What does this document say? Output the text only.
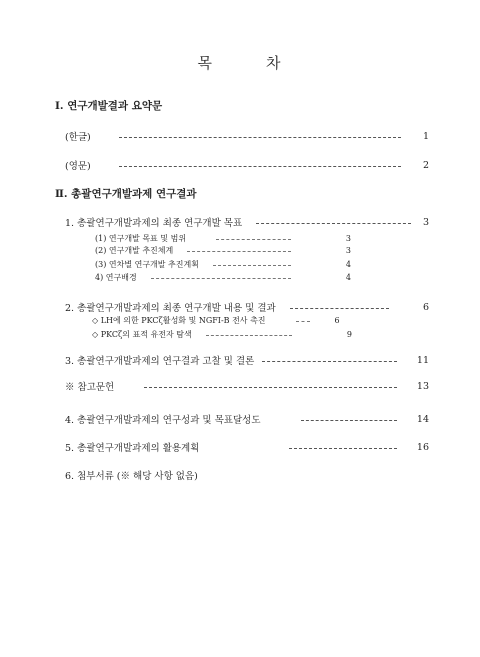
목	차
Ⅰ. 연구개발결과 요약문
(한글)	1
(영문)	2
Ⅱ. 총괄연구개발과제 연구결과
1. 총괄연구개발과제의 최종 연구개발 목표	3
(1) 연구개발 목표 및 범위	3
(2) 연구개발 추진체계	3
(3) 연차별 연구개발 추진계획	4
4) 연구배경	4
2. 총괄연구개발과제의 최종 연구개발 내용 및 결과	6
◇ LH에 의한 PKCζ활성화 및 NGFI-B 전사 촉진	6
◇ PKCζ의 표적 유전자 탐색	9
3. 총괄연구개발과제의 연구결과 고찰 및 결론	11
※ 참고문헌	13
4. 총괄연구개발과제의 연구성과 및 목표달성도	14
5. 총괄연구개발과제의 활용계획	16
6. 첨부서류 (※ 해당 사항 없음)
